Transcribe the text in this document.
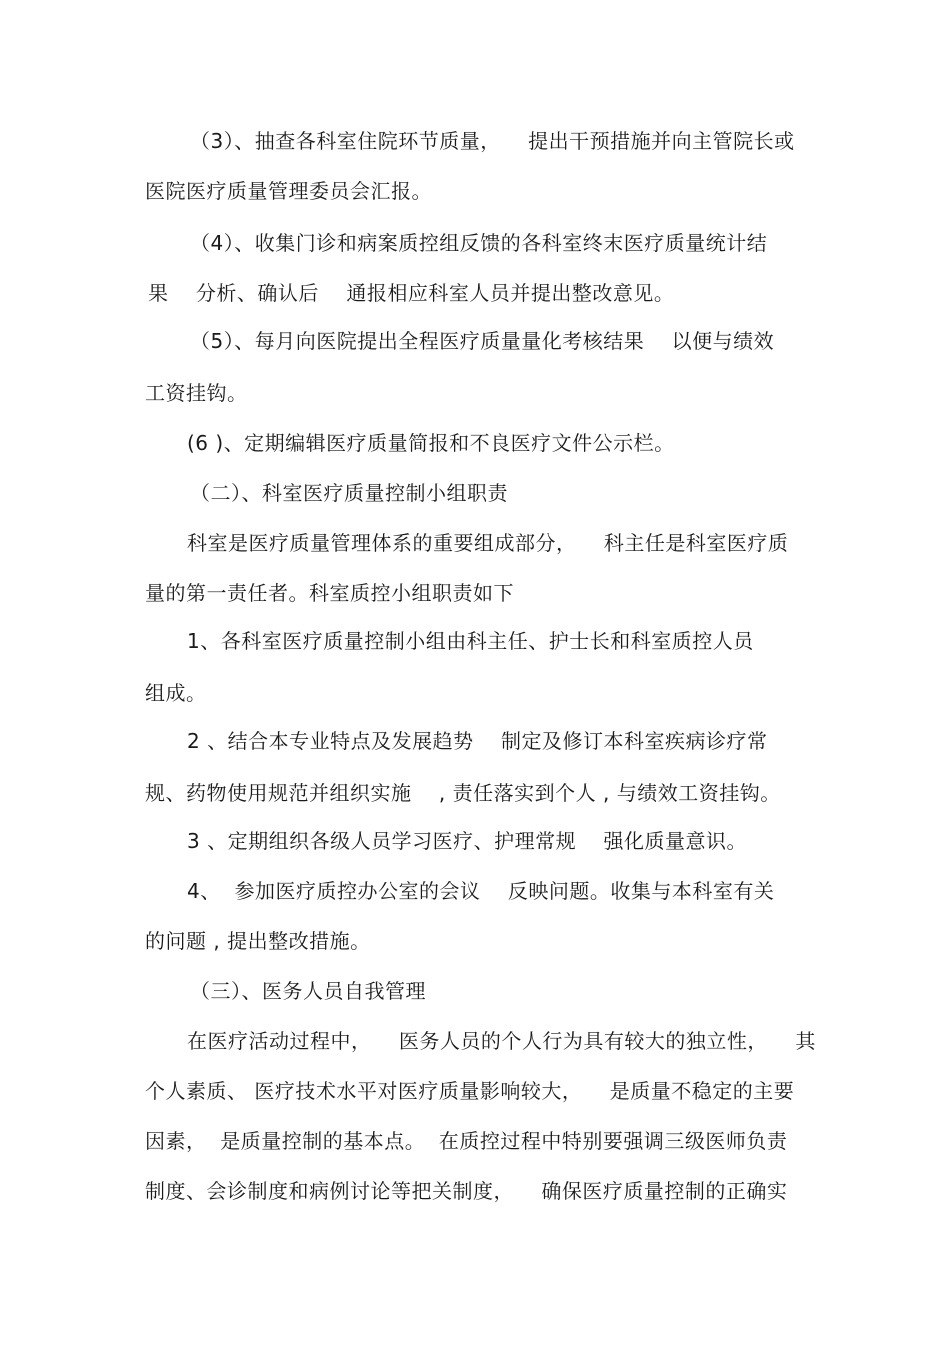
（3）、抽查各科室住院环节质量，    提出干预措施并向主管院长或
医院医疗质量管理委员会汇报。
（4）、收集门诊和病案质控组反馈的各科室终末医疗质量统计结
果    分析、确认后    通报相应科室人员并提出整改意见。
（5）、每月向医院提出全程医疗质量量化考核结果    以便与绩效
工资挂钩。
(6 )、定期编辑医疗质量简报和不良医疗文件公示栏。
（二）、科室医疗质量控制小组职责
科室是医疗质量管理体系的重要组成部分，    科主任是科室医疗质
量的第一责任者。科室质控小组职责如下
1、各科室医疗质量控制小组由科主任、护士长和科室质控人员
组成。
2 、结合本专业特点及发展趋势    制定及修订本科室疾病诊疗常
规、药物使用规范并组织实施    , 责任落实到个人 , 与绩效工资挂钩。
3 、定期组织各级人员学习医疗、护理常规    强化质量意识。
4、  参加医疗质控办公室的会议    反映问题。收集与本科室有关
的问题 , 提出整改措施。
（三）、医务人员自我管理
在医疗活动过程中，    医务人员的个人行为具有较大的独立性，    其
个人素质、 医疗技术水平对医疗质量影响较大，    是质量不稳定的主要
因素，  是质量控制的基本点。  在质控过程中特别要强调三级医师负责
制度、会诊制度和病例讨论等把关制度，    确保医疗质量控制的正确实
